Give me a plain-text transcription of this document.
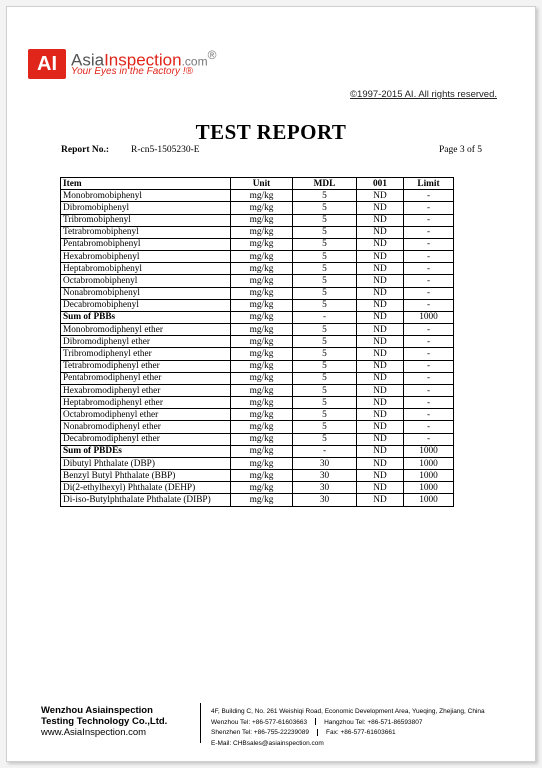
AI AsiaInspection.com®
Your Eyes in the Factory !®
©1997-2015 AI. All rights reserved.
TEST REPORT
Report No.: R-cn5-1505230-E	Page 3 of 5
Item	Unit	MDL	001	Limit
Monobromobiphenyl	mg/kg	5	ND	-
Dibromobiphenyl	mg/kg	5	ND	-
Tribromobiphenyl	mg/kg	5	ND	-
Tetrabromobiphenyl	mg/kg	5	ND	-
Pentabromobiphenyl	mg/kg	5	ND	-
Hexabromobiphenyl	mg/kg	5	ND	-
Heptabromobiphenyl	mg/kg	5	ND	-
Octabromobiphenyl	mg/kg	5	ND	-
Nonabromobiphenyl	mg/kg	5	ND	-
Decabromobiphenyl	mg/kg	5	ND	-
Sum of PBBs	mg/kg	-	ND	1000
Monobromodiphenyl ether	mg/kg	5	ND	-
Dibromodiphenyl ether	mg/kg	5	ND	-
Tribromodiphenyl ether	mg/kg	5	ND	-
Tetrabromodiphenyl ether	mg/kg	5	ND	-
Pentabromodiphenyl ether	mg/kg	5	ND	-
Hexabromodiphenyl ether	mg/kg	5	ND	-
Heptabromodiphenyl ether	mg/kg	5	ND	-
Octabromodiphenyl ether	mg/kg	5	ND	-
Nonabromodiphenyl ether	mg/kg	5	ND	-
Decabromodiphenyl ether	mg/kg	5	ND	-
Sum of PBDEs	mg/kg	-	ND	1000
Dibutyl Phthalate (DBP)	mg/kg	30	ND	1000
Benzyl Butyl Phthalate (BBP)	mg/kg	30	ND	1000
Di(2-ethylhexyl) Phthalate (DEHP)	mg/kg	30	ND	1000
Di-iso-Butylphthalate Phthalate (DIBP)	mg/kg	30	ND	1000
Wenzhou Asiainspection
Testing Technology Co.,Ltd.
www.AsiaInspection.com
4F, Building C, No. 261 Weishiqi Road, Economic Development Area, Yueqing, Zhejiang, China
Wenzhou Tel: +86-577-61603663	Hangzhou Tel: +86-571-86593807
Shenzhen Tel: +86-755-22239089	Fax: +86-577-61603661
E-Mail: CHBsales@asiainspection.com
